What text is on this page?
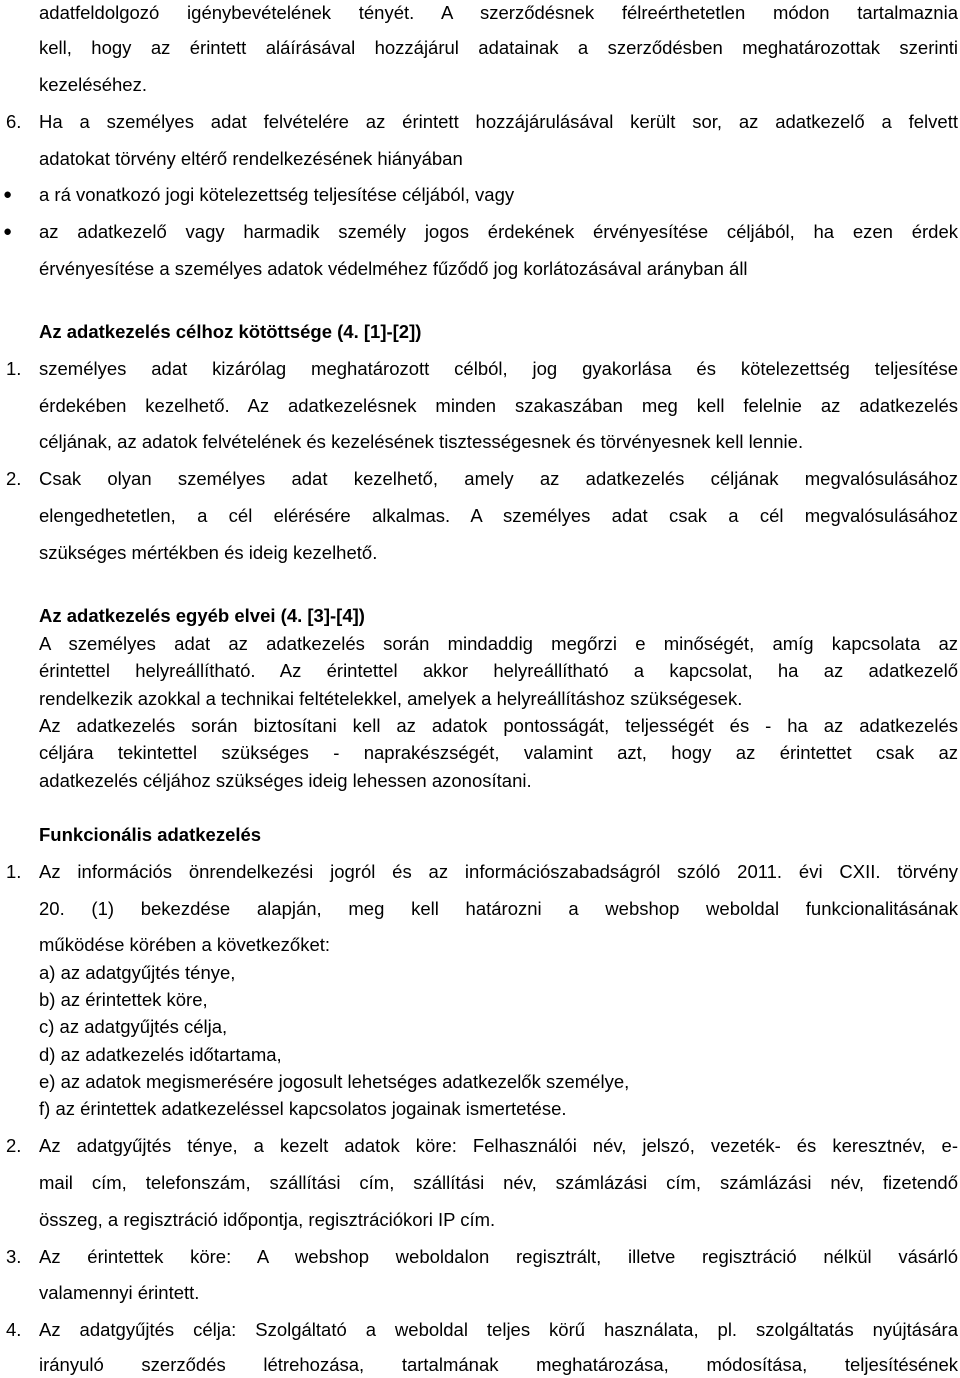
adatfeldolgozó igénybevételének tényét. A szerződésnek félreérthetetlen módon tartalmaznia
kell, hogy az érintett aláírásával hozzájárul adatainak a szerződésben meghatározottak szerinti
kezeléséhez.
6. Ha a személyes adat felvételére az érintett hozzájárulásával került sor, az adatkezelő a felvett
adatokat törvény eltérő rendelkezésének hiányában
●	a rá vonatkozó jogi kötelezettség teljesítése céljából, vagy
●	az adatkezelő vagy harmadik személy jogos érdekének érvényesítése céljából, ha ezen érdek
érvényesítése a személyes adatok védelméhez fűződő jog korlátozásával arányban áll
Az adatkezelés célhoz kötöttsége (4. [1]-[2])
1. személyes adat kizárólag meghatározott célból, jog gyakorlása és kötelezettség teljesítése
érdekében kezelhető. Az adatkezelésnek minden szakaszában meg kell felelnie az adatkezelés
céljának, az adatok felvételének és kezelésének tisztességesnek és törvényesnek kell lennie.
2. Csak olyan személyes adat kezelhető, amely az adatkezelés céljának megvalósulásához
elengedhetetlen, a cél elérésére alkalmas. A személyes adat csak a cél megvalósulásához
szükséges mértékben és ideig kezelhető.
Az adatkezelés egyéb elvei (4. [3]-[4])
A személyes adat az adatkezelés során mindaddig megőrzi e minőségét, amíg kapcsolata az
érintettel helyreállítható. Az érintettel akkor helyreállítható a kapcsolat, ha az adatkezelő
rendelkezik azokkal a technikai feltételekkel, amelyek a helyreállításhoz szükségesek.
Az adatkezelés során biztosítani kell az adatok pontosságát, teljességét és - ha az adatkezelés
céljára tekintettel szükséges - naprakészségét, valamint azt, hogy az érintettet csak az
adatkezelés céljához szükséges ideig lehessen azonosítani.
Funkcionális adatkezelés
1. Az információs önrendelkezési jogról és az információszabadságról szóló 2011. évi CXII. törvény
20. (1) bekezdése alapján, meg kell határozni a webshop weboldal funkcionalitásának
működése körében a következőket:
a) az adatgyűjtés ténye,
b) az érintettek köre,
c) az adatgyűjtés célja,
d) az adatkezelés időtartama,
e) az adatok megismerésére jogosult lehetséges adatkezelők személye,
f) az érintettek adatkezeléssel kapcsolatos jogainak ismertetése.
2. Az adatgyűjtés ténye, a kezelt adatok köre: Felhasználói név, jelszó, vezeték- és keresztnév, e-
mail cím, telefonszám, szállítási cím, szállítási név, számlázási cím, számlázási név, fizetendő
összeg, a regisztráció időpontja, regisztrációkori IP cím.
3. Az érintettek köre: A webshop weboldalon regisztrált, illetve regisztráció nélkül vásárló
valamennyi érintett.
4. Az adatgyűjtés célja: Szolgáltató a weboldal teljes körű használata, pl. szolgáltatás nyújtására
irányuló szerződés létrehozása, tartalmának meghatározása, módosítása, teljesítésének
